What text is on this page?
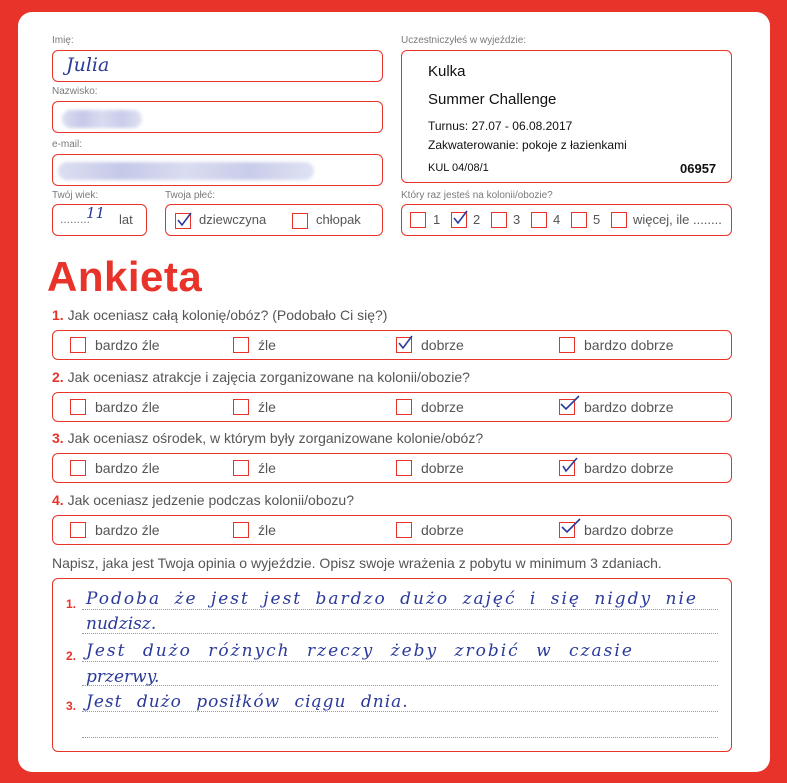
Imię:
Julia
Nazwisko:
e-mail:
Twój wiek:
.........
11 lat
Twoja płeć:
dziewczyna	chłopak
Uczestniczyłeś w wyjeździe:
Kulka
Summer Challenge
Turnus: 27.07 - 06.08.2017
Zakwaterowanie: pokoje z łazienkami
KUL 04/08/1	06957
Który raz jesteś na kolonii/obozie?
1	2	3	4	5	więcej, ile ........
Ankieta
1. Jak oceniasz całą kolonię/obóz? (Podobało Ci się?)
bardzo źle	źle	dobrze	bardzo dobrze
2. Jak oceniasz atrakcje i zajęcia zorganizowane na kolonii/obozie?
bardzo źle	źle	dobrze	bardzo dobrze
3. Jak oceniasz ośrodek, w którym były zorganizowane kolonie/obóz?
bardzo źle	źle	dobrze	bardzo dobrze
4. Jak oceniasz jedzenie podczas kolonii/obozu?
bardzo źle	źle	dobrze	bardzo dobrze
Napisz, jaka jest Twoja opinia o wyjeździe. Opisz swoje wrażenia z pobytu w minimum 3 zdaniach.
1.
2.
3.
Podoba że jest jest bardzo dużo zajęć i się nigdy nie
nudzisz.
Jest dużo różnych rzeczy żeby zrobić w czasie
przerwy.
Jest dużo posiłków ciągu dnia.
